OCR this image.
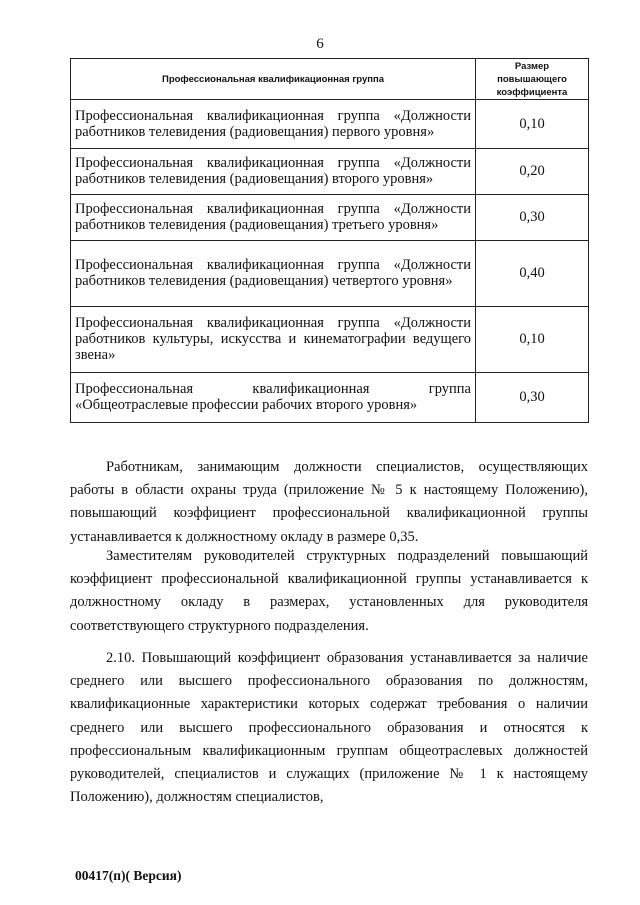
6
Профессиональная квалификационная группа	Размер повышающего коэффициента
Профессиональная квалификационная группа «Должности работников телевидения (радиовещания) первого уровня»	0,10
Профессиональная квалификационная группа «Должности работников телевидения (радиовещания) второго уровня»	0,20
Профессиональная квалификационная группа «Должности работников телевидения (радиовещания) третьего уровня»	0,30
Профессиональная квалификационная группа «Должности работников телевидения (радиовещания) четвертого уровня»	0,40
Профессиональная квалификационная группа «Должности работников культуры, искусства и кинематографии ведущего звена»	0,10
Профессиональная квалификационная группа «Общеотраслевые профессии рабочих второго уровня»	0,30

Работникам, занимающим должности специалистов, осуществляющих работы в области охраны труда (приложение № 5 к настоящему Положению), повышающий коэффициент профессиональной квалификационной группы устанавливается к должностному окладу в размере 0,35.

Заместителям руководителей структурных подразделений повышающий коэффициент профессиональной квалификационной группы устанавливается к должностному окладу в размерах, установленных для руководителя соответствующего структурного подразделения.

2.10. Повышающий коэффициент образования устанавливается за наличие среднего или высшего профессионального образования по должностям, квалификационные характеристики которых содержат требования о наличии среднего или высшего профессионального образования и относятся к профессиональным квалификационным группам общеотраслевых должностей руководителей, специалистов и служащих (приложение № 1 к настоящему Положению), должностям специалистов,

00417(п)( Версия)
